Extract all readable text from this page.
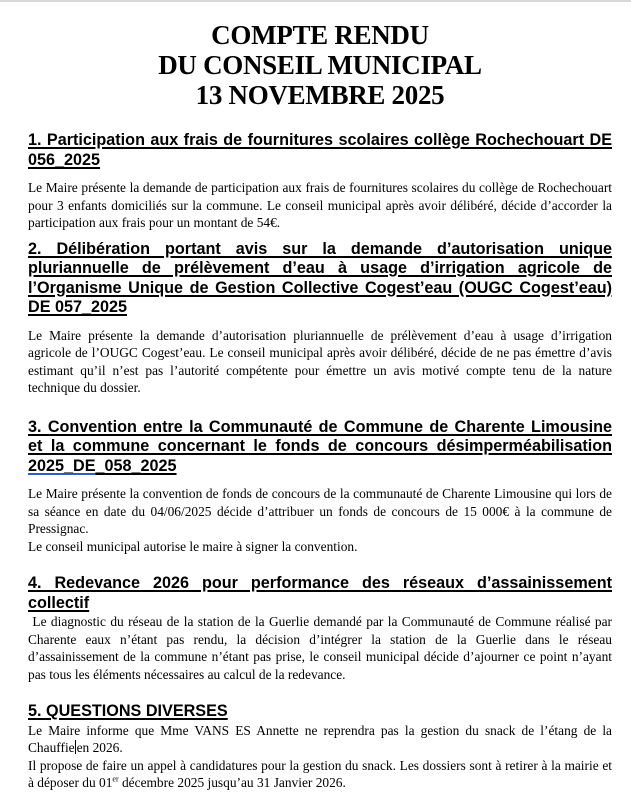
COMPTE RENDU
DU CONSEIL MUNICIPAL
13 NOVEMBRE 2025
1. Participation aux frais de fournitures scolaires collège Rochechouart DE 056_2025

Le Maire présente la demande de participation aux frais de fournitures scolaires du collège de Rochechouart pour 3 enfants domiciliés sur la commune. Le conseil municipal après avoir délibéré, décide d’accorder la participation aux frais pour un montant de 54€.

2. Délibération portant avis sur la demande d’autorisation unique pluriannuelle de prélèvement d’eau à usage d’irrigation agricole de l’Organisme Unique de Gestion Collective Cogest’eau (OUGC Cogest’eau) DE 057_2025

Le Maire présente la demande d’autorisation pluriannuelle de prélèvement d’eau à usage d’irrigation agricole de l’OUGC Cogest’eau. Le conseil municipal après avoir délibéré, décide de ne pas émettre d’avis estimant qu’il n’est pas l’autorité compétente pour émettre un avis motivé compte tenu de la nature technique du dossier.

3. Convention entre la Communauté de Commune de Charente Limousine et la commune concernant le fonds de concours désimperméabilisation 2025_DE_058_2025

Le Maire présente la convention de fonds de concours de la communauté de Charente Limousine qui lors de sa séance en date du 04/06/2025 décide d’attribuer un fonds de concours de 15 000€ à la commune de Pressignac.

Le conseil municipal autorise le maire à signer la convention.

4. Redevance 2026 pour performance des réseaux d’assainissement collectif

Le diagnostic du réseau de la station de la Guerlie demandé par la Communauté de Commune réalisé par Charente eaux n’étant pas rendu, la décision d’intégrer la station de la Guerlie dans le réseau d’assainissement de la commune n’étant pas prise, le conseil municipal décide d’ajourner ce point n’ayant pas tous les éléments nécessaires au calcul de la redevance.

5. QUESTIONS DIVERSES

Le Maire informe que Mme VANS ES Annette ne reprendra pas la gestion du snack de l’étang de la Chauffie en 2026.

Il propose de faire un appel à candidatures pour la gestion du snack. Les dossiers sont à retirer à la mairie et à déposer du 01er décembre 2025 jusqu’au 31 Janvier 2026.
